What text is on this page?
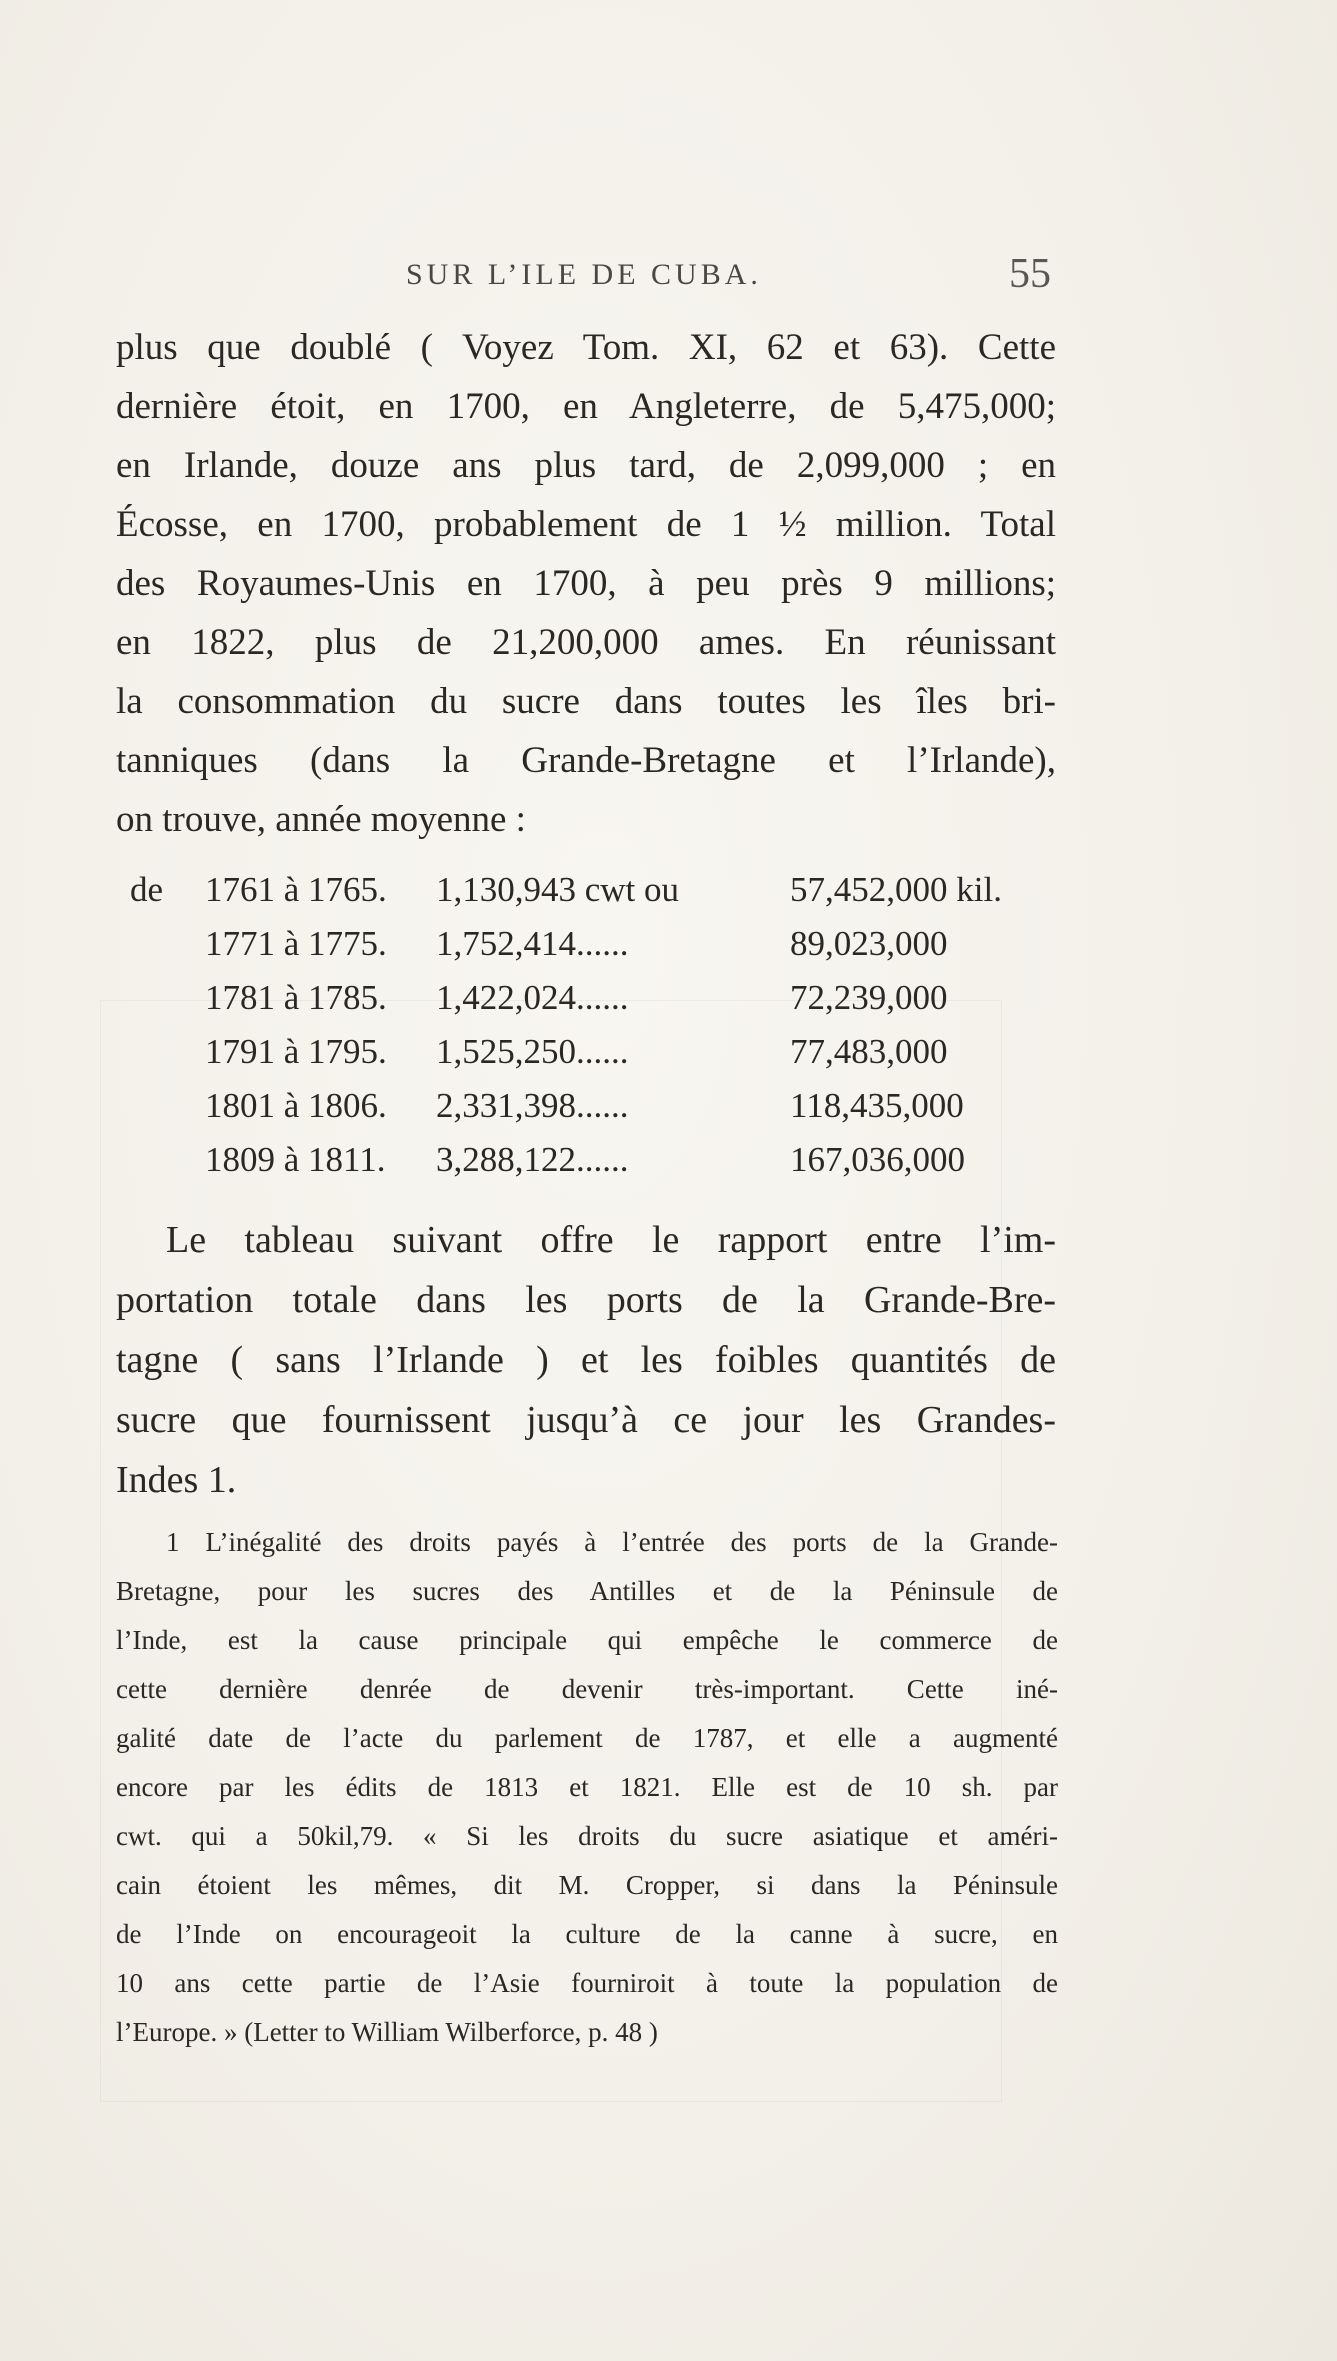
SUR L’ILE DE CUBA.	55
plus que doublé ( Voyez Tom. XI, 62 et 63). Cette
dernière étoit, en 1700, en Angleterre, de 5,475,000;
en Irlande, douze ans plus tard, de 2,099,000 ; en
Écosse, en 1700, probablement de 1 ½ million. Total
des Royaumes-Unis en 1700, à peu près 9 millions;
en 1822, plus de 21,200,000 ames. En réunissant
la consommation du sucre dans toutes les îles bri-
tanniques (dans la Grande-Bretagne et l’Irlande),
on trouve, année moyenne :
de 1761 à 1765. 1,130,943 cwt ou	57,452,000 kil.
1771 à 1775. 1,752,414......	89,023,000
1781 à 1785. 1,422,024......	72,239,000
1791 à 1795. 1,525,250......	77,483,000
1801 à 1806. 2,331,398......	118,435,000
1809 à 1811. 3,288,122......	167,036,000
Le tableau suivant offre le rapport entre l’im-
portation totale dans les ports de la Grande-Bre-
tagne ( sans l’Irlande ) et les foibles quantités de
sucre que fournissent jusqu’à ce jour les Grandes-
Indes 1.
1 L’inégalité des droits payés à l’entrée des ports de la Grande-
Bretagne, pour les sucres des Antilles et de la Péninsule de
l’Inde, est la cause principale qui empêche le commerce de
cette dernière denrée de devenir très-important. Cette iné-
galité date de l’acte du parlement de 1787, et elle a augmenté
encore par les édits de 1813 et 1821. Elle est de 10 sh. par
cwt. qui a 50kil,79. « Si les droits du sucre asiatique et améri-
cain étoient les mêmes, dit M. Cropper, si dans la Péninsule
de l’Inde on encourageoit la culture de la canne à sucre, en
10 ans cette partie de l’Asie fourniroit à toute la population de
l’Europe. » (Letter to William Wilberforce, p. 48 )
